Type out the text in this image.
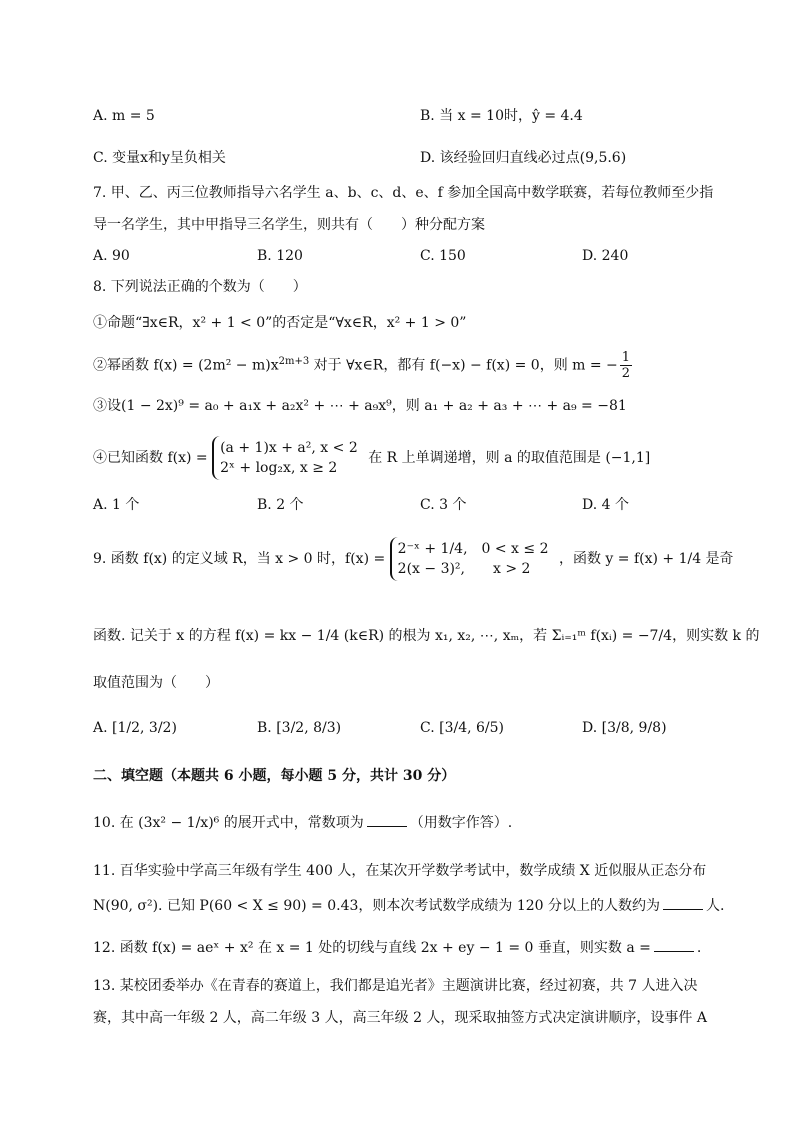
A. m = 5	B. 当 x = 10时，ŷ = 4.4
C. 变量x和y呈负相关	D. 该经验回归直线必过点(9,5.6)
7. 甲、乙、丙三位教师指导六名学生 a、b、c、d、e、f 参加全国高中数学联赛，若每位教师至少指
导一名学生，其中甲指导三名学生，则共有（　　）种分配方案
A. 90	B. 120	C. 150	D. 240
8. 下列说法正确的个数为（　　）
①命题“∃x∈R，x² + 1 < 0”的否定是“∀x∈R，x² + 1 > 0”
②幂函数 $f(x) = (2m^2 - m)x^{2m+3}$ 对于 ∀x∈R，都有 f(−x) − f(x) = 0，则 m = − $\frac{1}{2}$
③设(1 − 2x)⁹ = a₀ + a₁x + a₂x² + ⋯ + a₉x⁹，则 a₁ + a₂ + a₃ + ⋯ + a₉ = −81
④已知函数 f(x) =
(a + 1)x + a², x < 2
2ˣ + log₂x, x ≥ 2
在 R 上单调递增，则 a 的取值范围是 (−1,1]
A. 1 个	B. 2 个	C. 3 个	D. 4 个
9. 函数 f(x) 的定义域 R，当 x > 0 时，f(x) =
2⁻ˣ + 1/4,　0 < x ≤ 2
2(x − 3)²,　　x > 2
，函数 y = f(x) + 1/4 是奇
函数. 记关于 x 的方程 f(x) = kx − 1/4 (k∈R) 的根为 x₁, x₂, ⋯, xₘ，若 Σᵢ₌₁ᵐ f(xᵢ) = −7/4，则实数 k 的
取值范围为（　　）
A. [1/2, 3/2)	B. [3/2, 8/3)	C. [3/4, 6/5)	D. [3/8, 9/8)
二、填空题（本题共 6 小题，每小题 5 分，共计 30 分）
10. 在 (3x² − 1/x)⁶ 的展开式中，常数项为	（用数字作答）.
11. 百华实验中学高三年级有学生 400 人，在某次开学数学考试中，数学成绩 X 近似服从正态分布
N(90, σ²). 已知 P(60 < X ≤ 90) = 0.43，则本次考试数学成绩为 120 分以上的人数约为	人.
12. 函数 f(x) = aeˣ + x² 在 x = 1 处的切线与直线 2x + ey − 1 = 0 垂直，则实数 a =	.
13. 某校团委举办《在青春的赛道上，我们都是追光者》主题演讲比赛，经过初赛，共 7 人进入决
赛，其中高一年级 2 人，高二年级 3 人，高三年级 2 人，现采取抽签方式决定演讲顺序，设事件 A
